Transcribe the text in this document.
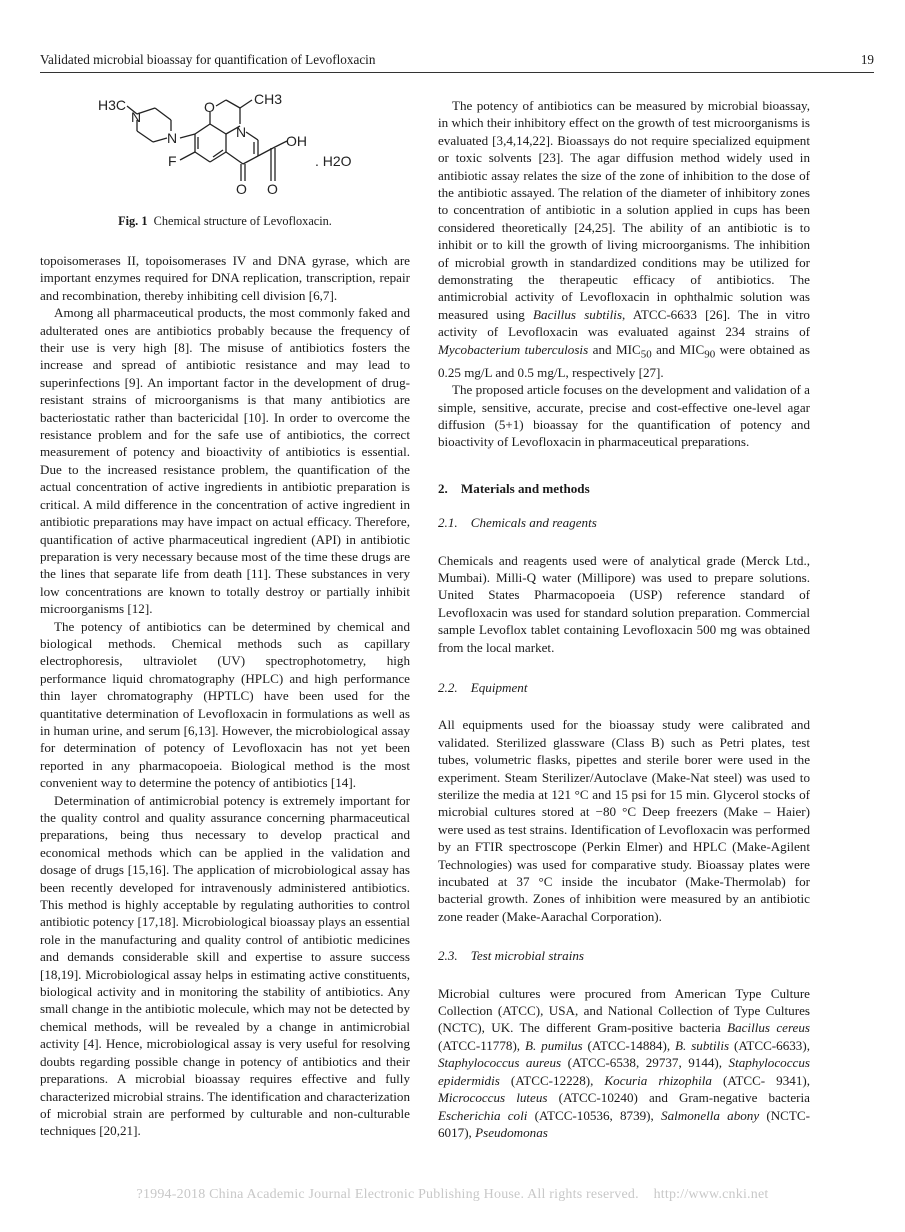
Validated microbial bioassay for quantification of Levofloxacin	19
H3C
N
N
O	CH3
N
OH
F
O O
. H2O
Fig. 1 Chemical structure of Levofloxacin.

topoisomerases II, topoisomerases IV and DNA gyrase, which are important enzymes required for DNA replication, transcription, repair and recombination, thereby inhibiting cell division [6,7].

Among all pharmaceutical products, the most commonly faked and adulterated ones are antibiotics probably because the frequency of their use is very high [8]. The misuse of antibiotics fosters the increase and spread of antibiotic resistance and may lead to superinfections [9]. An important factor in the development of drug-resistant strains of microorganisms is that many antibiotics are bacteriostatic rather than bactericidal [10]. In order to overcome the resistance problem and for the safe use of antibiotics, the correct measurement of potency and bioactivity of antibiotics is essential. Due to the increased resistance problem, the quantification of the actual concentration of active ingredients in antibiotic preparation is critical. A mild difference in the concentration of active ingredient in antibiotic preparations may have impact on actual efficacy. Therefore, quantification of active pharmaceutical ingredient (API) in antibiotic preparation is very necessary because most of the time these drugs are the lines that separate life from death [11]. These substances in very low concentrations are known to totally destroy or partially inhibit microorganisms [12].

The potency of antibiotics can be determined by chemical and biological methods. Chemical methods such as capillary electrophoresis, ultraviolet (UV) spectrophotometry, high performance liquid chromatography (HPLC) and high performance thin layer chromatography (HPTLC) have been used for the quantitative determination of Levofloxacin in formulations as well as in human urine, and serum [6,13]. However, the microbiological assay for determination of potency of Levofloxacin has not yet been reported in any pharmacopoeia. Biological method is the most convenient way to determine the potency of antibiotics [14].

Determination of antimicrobial potency is extremely important for the quality control and quality assurance concerning pharmaceutical preparations, being thus necessary to develop practical and economical methods which can be applied in the validation and dosage of drugs [15,16]. The application of microbiological assay has been recently developed for intravenously administered antibiotics. This method is highly acceptable by regulating authorities to control antibiotic potency [17,18]. Microbiological bioassay plays an essential role in the manufacturing and quality control of antibiotic medicines and demands considerable skill and expertise to assure success [18,19]. Microbiological assay helps in estimating active constituents, biological activity and in monitoring the stability of antibiotics. Any small change in the antibiotic molecule, which may not be detected by chemical methods, will be revealed by a change in antimicrobial activity [4]. Hence, microbiological assay is very useful for resolving doubts regarding possible change in potency of antibiotics and their preparations. A microbial bioassay requires effective and fully characterized microbial strains. The identification and characterization of microbial strain are performed by culturable and non-culturable techniques [20,21].

The potency of antibiotics can be measured by microbial bioassay, in which their inhibitory effect on the growth of test microorganisms is evaluated [3,4,14,22]. Bioassays do not require specialized equipment or toxic solvents [23]. The agar diffusion method widely used in antibiotic assay relates the size of the zone of inhibition to the dose of the antibiotic assayed. The relation of the diameter of inhibitory zones to concentration of antibiotic in a solution applied in cups has been considered theoretically [24,25]. The ability of an antibiotic is to inhibit or to kill the growth of living microorganisms. The inhibition of microbial growth in standardized conditions may be utilized for demonstrating the therapeutic efficacy of antibiotics. The antimicrobial activity of Levofloxacin in ophthalmic solution was measured using Bacillus subtilis, ATCC-6633 [26]. The in vitro activity of Levofloxacin was evaluated against 234 strains of Mycobacterium tuberculosis and $MIC_{50}$ and $MIC_{90}$ were obtained as 0.25 mg/L and 0.5 mg/L, respectively [27].

The proposed article focuses on the development and validation of a simple, sensitive, accurate, precise and cost-effective one-level agar diffusion (5+1) bioassay for the quantification of potency and bioactivity of Levofloxacin in pharmaceutical preparations.

2.    Materials and methods
2.1.    Chemicals and reagents

Chemicals and reagents used were of analytical grade (Merck Ltd., Mumbai). Milli-Q water (Millipore) was used to prepare solutions. United States Pharmacopoeia (USP) reference standard of Levofloxacin was used for standard solution preparation. Commercial sample Levoflox tablet containing Levofloxacin 500 mg was obtained from the local market.

2.2.    Equipment

All equipments used for the bioassay study were calibrated and validated. Sterilized glassware (Class B) such as Petri plates, test tubes, volumetric flasks, pipettes and sterile borer were used in the experiment. Steam Sterilizer/Autoclave (Make-Nat steel) was used to sterilize the media at 121 °C and 15 psi for 15 min. Glycerol stocks of microbial cultures stored at −80 °C Deep freezers (Make – Haier) were used as test strains. Identification of Levofloxacin was performed by an FTIR spectroscope (Perkin Elmer) and HPLC (Make-Agilent Technologies) was used for comparative study. Bioassay plates were incubated at 37 °C inside the incubator (Make-Thermolab) for bacterial growth. Zones of inhibition were measured by an antibiotic zone reader (Make-Aarachal Corporation).

2.3.    Test microbial strains

Microbial cultures were procured from American Type Culture Collection (ATCC), USA, and National Collection of Type Cultures (NCTC), UK. The different Gram-positive bacteria Bacillus cereus (ATCC-11778), B. pumilus (ATCC-14884), B. subtilis (ATCC-6633), Staphylococcus aureus (ATCC-6538, 29737, 9144), Staphylococcus epidermidis (ATCC-12228), Kocuria rhizophila (ATCC- 9341), Micrococcus luteus (ATCC-10240) and Gram-negative bacteria Escherichia coli (ATCC-10536, 8739), Salmonella abony (NCTC-6017), Pseudomonas

?1994-2018 China Academic Journal Electronic Publishing House. All rights reserved.    http://www.cnki.net
